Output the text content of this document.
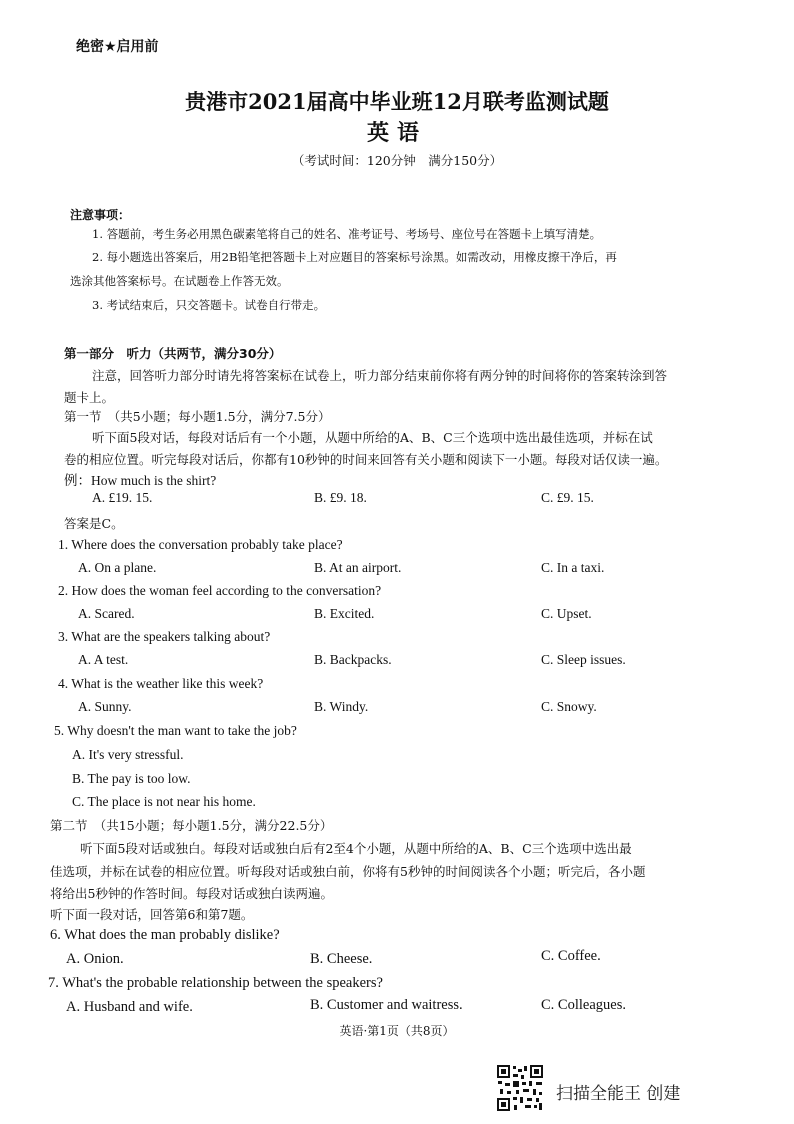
绝密★启用前
贵港市2021届高中毕业班12月联考监测试题
英语
（考试时间：120分钟　满分150分）
注意事项：
1. 答题前，考生务必用黑色碳素笔将自己的姓名、准考证号、考场号、座位号在答题卡上填写清楚。
2. 每小题选出答案后，用2B铅笔把答题卡上对应题目的答案标号涂黑。如需改动，用橡皮擦干净后，再
选涂其他答案标号。在试题卷上作答无效。
3. 考试结束后，只交答题卡。试卷自行带走。
第一部分　听力（共两节，满分30分）
注意，回答听力部分时请先将答案标在试卷上，听力部分结束前你将有两分钟的时间将你的答案转涂到答
题卡上。
第一节　（共5小题；每小题1.5分，满分7.5分）
听下面5段对话，每段对话后有一个小题，从题中所给的A、B、C三个选项中选出最佳选项，并标在试
卷的相应位置。听完每段对话后，你都有10秒钟的时间来回答有关小题和阅读下一小题。每段对话仅读一遍。
例：How much is the shirt?
A. £19. 15.	B. £9. 18.	C. £9. 15.
答案是C。
1. Where does the conversation probably take place?
A. On a plane.	B. At an airport.	C. In a taxi.
2. How does the woman feel according to the conversation?
A. Scared.	B. Excited.	C. Upset.
3. What are the speakers talking about?
A. A test.	B. Backpacks.	C. Sleep issues.
4. What is the weather like this week?
A. Sunny.	B. Windy.	C. Snowy.
5. Why doesn't the man want to take the job?
A. It's very stressful.
B. The pay is too low.
C. The place is not near his home.
第二节　（共15小题；每小题1.5分，满分22.5分）
听下面5段对话或独白。每段对话或独白后有2至4个小题，从题中所给的A、B、C三个选项中选出最
佳选项，并标在试卷的相应位置。听每段对话或独白前，你将有5秒钟的时间阅读各个小题；听完后，各小题
将给出5秒钟的作答时间。每段对话或独白读两遍。
听下面一段对话，回答第6和第7题。
6. What does the man probably dislike?
A. Onion.	B. Cheese.	C. Coffee.
7. What's the probable relationship between the speakers?
A. Husband and wife.	B. Customer and waitress.	C. Colleagues.
英语·第1页（共8页）
扫描全能王 创建
